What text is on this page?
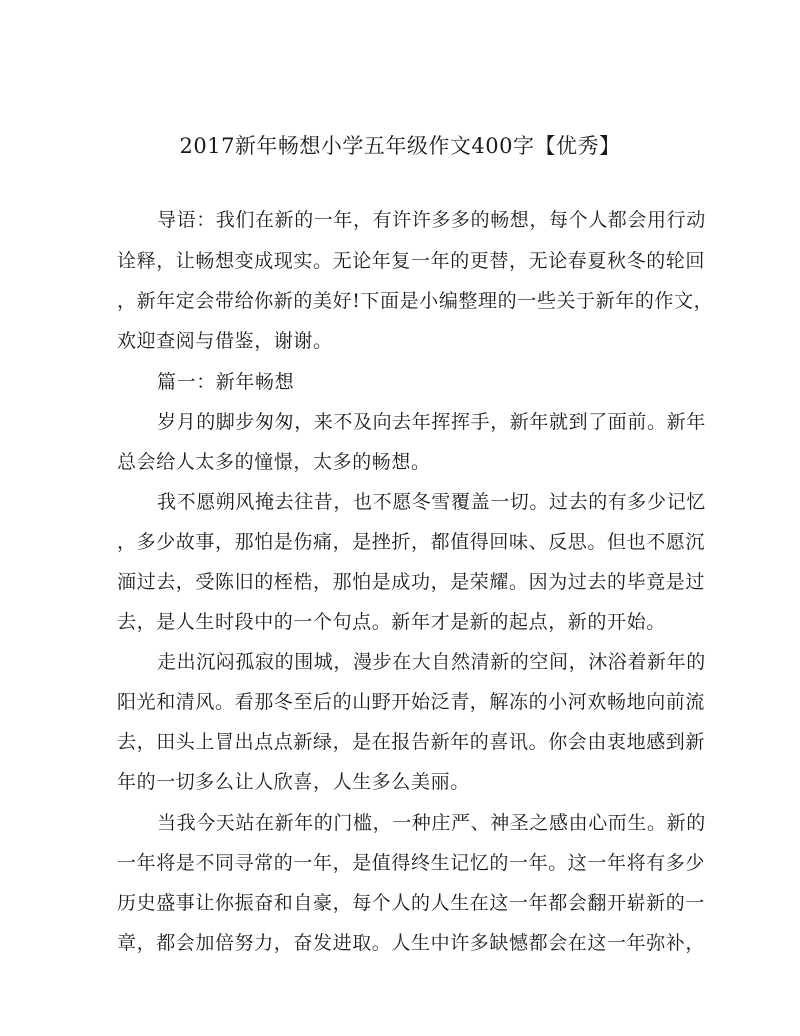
2017新年畅想小学五年级作文400字【优秀】
导语：我们在新的一年，有许许多多的畅想，每个人都会用行动
诠释，让畅想变成现实。无论年复一年的更替，无论春夏秋冬的轮回
，新年定会带给你新的美好!下面是小编整理的一些关于新年的作文，
欢迎查阅与借鉴，谢谢。
篇一：新年畅想
岁月的脚步匆匆，来不及向去年挥挥手，新年就到了面前。新年
总会给人太多的憧憬，太多的畅想。
我不愿朔风掩去往昔，也不愿冬雪覆盖一切。过去的有多少记忆
，多少故事，那怕是伤痛，是挫折，都值得回味、反思。但也不愿沉
湎过去，受陈旧的桎梏，那怕是成功，是荣耀。因为过去的毕竟是过
去，是人生时段中的一个句点。新年才是新的起点，新的开始。
走出沉闷孤寂的围城，漫步在大自然清新的空间，沐浴着新年的
阳光和清风。看那冬至后的山野开始泛青，解冻的小河欢畅地向前流
去，田头上冒出点点新绿，是在报告新年的喜讯。你会由衷地感到新
年的一切多么让人欣喜，人生多么美丽。
当我今天站在新年的门槛，一种庄严、神圣之感由心而生。新的
一年将是不同寻常的一年，是值得终生记忆的一年。这一年将有多少
历史盛事让你振奋和自豪，每个人的人生在这一年都会翻开崭新的一
章，都会加倍努力，奋发进取。人生中许多缺憾都会在这一年弥补，
